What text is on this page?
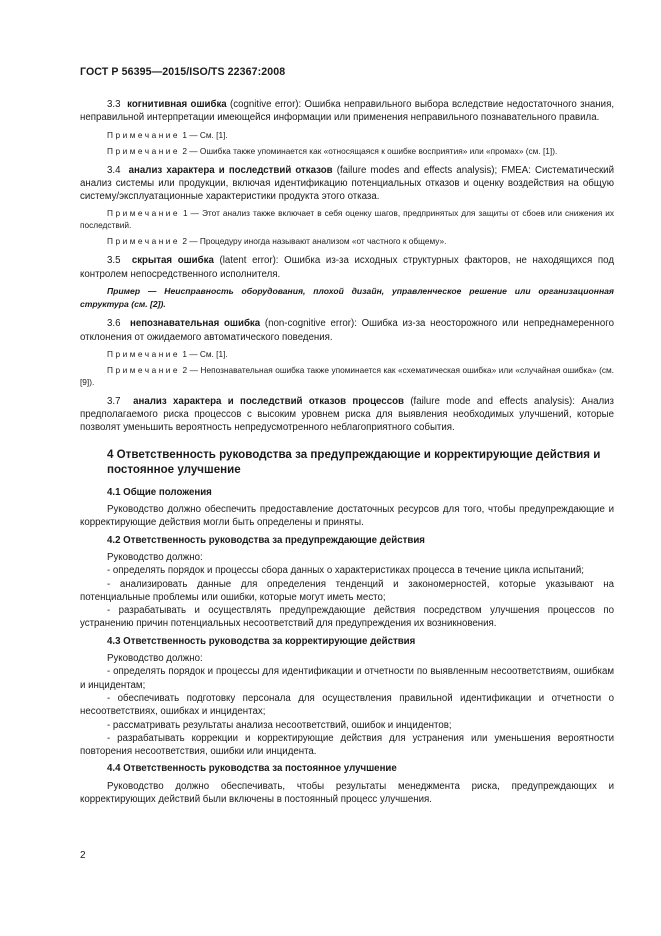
ГОСТ Р 56395—2015/ISO/TS 22367:2008

3.3 когнитивная ошибка (cognitive error): Ошибка неправильного выбора вследствие недостаточного знания, неправильной интерпретации имеющейся информации или применения неправильного познавательного правила.

Примечание 1 — См. [1].

Примечание 2 — Ошибка также упоминается как «относящаяся к ошибке восприятия» или «промах» (см. [1]).

3.4 анализ характера и последствий отказов (failure modes and effects analysis); FMEA: Систематический анализ системы или продукции, включая идентификацию потенциальных отказов и оценку воздействия на общую систему/эксплуатационные характеристики продукта этого отказа.

Примечание 1 — Этот анализ также включает в себя оценку шагов, предпринятых для защиты от сбоев или снижения их последствий.

Примечание 2 — Процедуру иногда называют анализом «от частного к общему».

3.5 скрытая ошибка (latent error): Ошибка из-за исходных структурных факторов, не находящихся под контролем непосредственного исполнителя.

Пример — Неисправность оборудования, плохой дизайн, управленческое решение или организационная структура (см. [2]).

3.6 непознавательная ошибка (non-cognitive error): Ошибка из-за неосторожного или непреднамеренного отклонения от ожидаемого автоматического поведения.

Примечание 1 — См. [1].

Примечание 2 — Непознавательная ошибка также упоминается как «схематическая ошибка» или «случайная ошибка» (см. [9]).

3.7 анализ характера и последствий отказов процессов (failure mode and effects analysis): Анализ предполагаемого риска процессов с высоким уровнем риска для выявления необходимых улучшений, которые позволят уменьшить вероятность непредусмотренного неблагоприятного события.

4 Ответственность руководства за предупреждающие и корректирующие действия и постоянное улучшение

4.1 Общие положения

Руководство должно обеспечить предоставление достаточных ресурсов для того, чтобы предупреждающие и корректирующие действия могли быть определены и приняты.

4.2 Ответственность руководства за предупреждающие действия

Руководство должно:

- определять порядок и процессы сбора данных о характеристиках процесса в течение цикла испытаний;

- анализировать данные для определения тенденций и закономерностей, которые указывают на потенциальные проблемы или ошибки, которые могут иметь место;

- разрабатывать и осуществлять предупреждающие действия посредством улучшения процессов по устранению причин потенциальных несоответствий для предупреждения их возникновения.

4.3 Ответственность руководства за корректирующие действия

Руководство должно:

- определять порядок и процессы для идентификации и отчетности по выявленным несоответствиям, ошибкам и инцидентам;

- обеспечивать подготовку персонала для осуществления правильной идентификации и отчетности о несоответствиях, ошибках и инцидентах;

- рассматривать результаты анализа несоответствий, ошибок и инцидентов;

- разрабатывать коррекции и корректирующие действия для устранения или уменьшения вероятности повторения несоответствия, ошибки или инцидента.

4.4 Ответственность руководства за постоянное улучшение

Руководство должно обеспечивать, чтобы результаты менеджмента риска, предупреждающих и корректирующих действий были включены в постоянный процесс улучшения.

2
